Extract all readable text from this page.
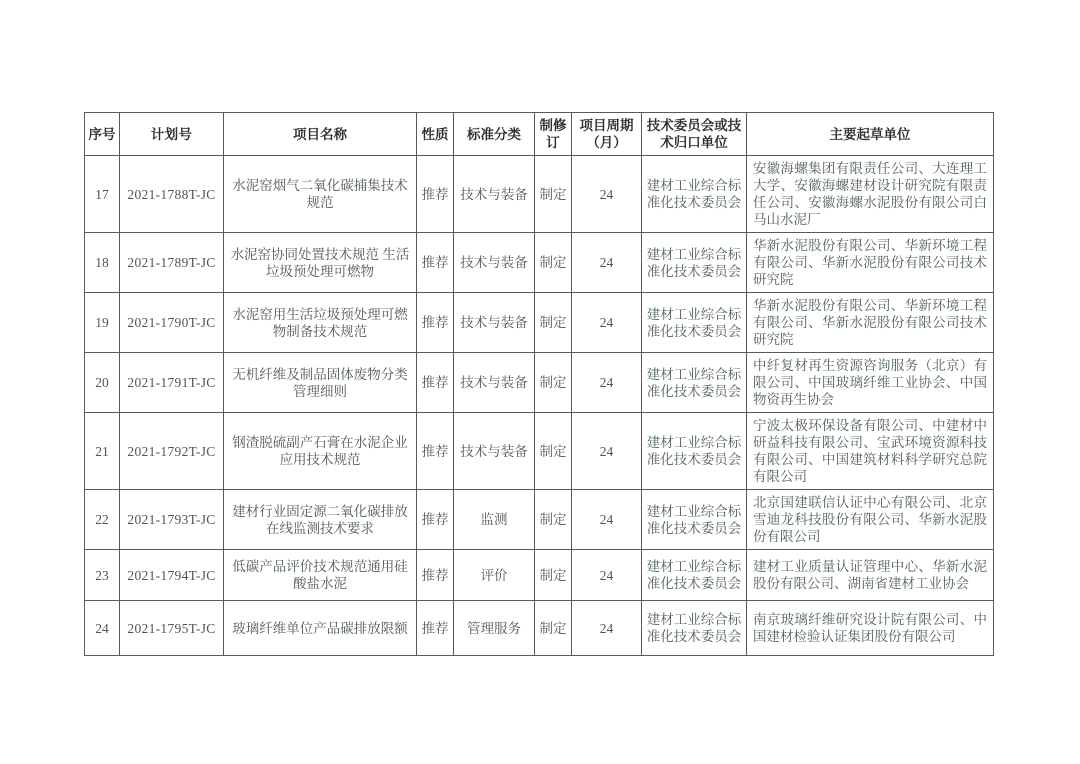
序号	计划号	项目名称	性质	标准分类	制修订	项目周期（月）	技术委员会或技术归口单位	主要起草单位
17	2021-1788T-JC	水泥窑烟气二氧化碳捕集技术规范	推荐	技术与装备	制定	24	建材工业综合标准化技术委员会	安徽海螺集团有限责任公司、大连理工大学、安徽海螺建材设计研究院有限责任公司、安徽海螺水泥股份有限公司白马山水泥厂
18	2021-1789T-JC	水泥窑协同处置技术规范 生活垃圾预处理可燃物	推荐	技术与装备	制定	24	建材工业综合标准化技术委员会	华新水泥股份有限公司、华新环境工程有限公司、华新水泥股份有限公司技术研究院
19	2021-1790T-JC	水泥窑用生活垃圾预处理可燃物制备技术规范	推荐	技术与装备	制定	24	建材工业综合标准化技术委员会	华新水泥股份有限公司、华新环境工程有限公司、华新水泥股份有限公司技术研究院
20	2021-1791T-JC	无机纤维及制品固体废物分类管理细则	推荐	技术与装备	制定	24	建材工业综合标准化技术委员会	中纤复材再生资源咨询服务（北京）有限公司、中国玻璃纤维工业协会、中国物资再生协会
21	2021-1792T-JC	钢渣脱硫副产石膏在水泥企业应用技术规范	推荐	技术与装备	制定	24	建材工业综合标准化技术委员会	宁波太极环保设备有限公司、中建材中研益科技有限公司、宝武环境资源科技有限公司、中国建筑材料科学研究总院有限公司
22	2021-1793T-JC	建材行业固定源二氧化碳排放在线监测技术要求	推荐	监测	制定	24	建材工业综合标准化技术委员会	北京国建联信认证中心有限公司、北京雪迪龙科技股份有限公司、华新水泥股份有限公司
23	2021-1794T-JC	低碳产品评价技术规范通用硅酸盐水泥	推荐	评价	制定	24	建材工业综合标准化技术委员会	建材工业质量认证管理中心、华新水泥股份有限公司、湖南省建材工业协会
24	2021-1795T-JC	玻璃纤维单位产品碳排放限额	推荐	管理服务	制定	24	建材工业综合标准化技术委员会	南京玻璃纤维研究设计院有限公司、中国建材检验认证集团股份有限公司
